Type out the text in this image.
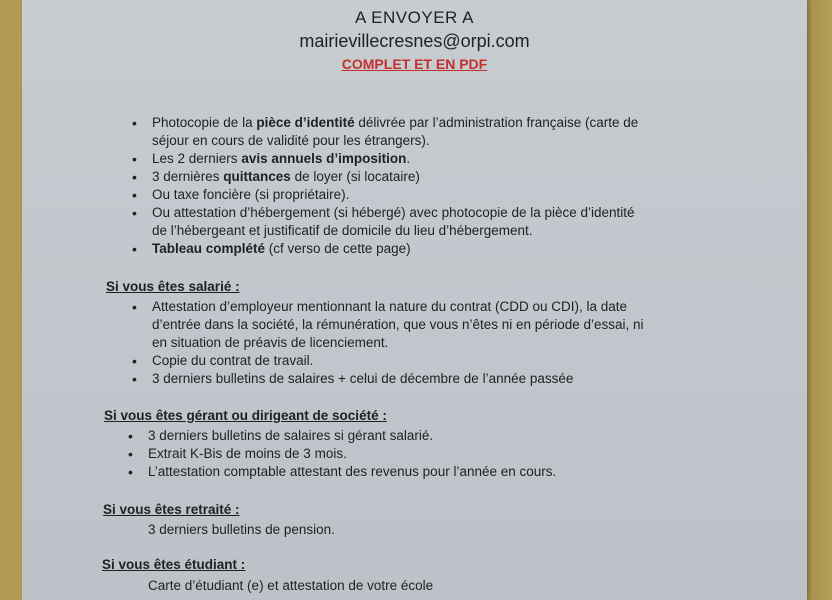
A ENVOYER A
mairievillecresnes@orpi.com
COMPLET ET EN PDF
• Photocopie de la pièce d’identité délivrée par l’administration française (carte de
séjour en cours de validité pour les étrangers).
• Les 2 derniers avis annuels d’imposition.
• 3 dernières quittances de loyer (si locataire)
• Ou taxe foncière (si propriétaire).
• Ou attestation d’hébergement (si hébergé) avec photocopie de la pièce d’identité
de l’hébergeant et justificatif de domicile du lieu d’hébergement.
• Tableau complété (cf verso de cette page)
Si vous êtes salarié :
• Attestation d’employeur mentionnant la nature du contrat (CDD ou CDI), la date
d’entrée dans la société, la rémunération, que vous n’êtes ni en période d’essai, ni
en situation de préavis de licenciement.
• Copie du contrat de travail.
• 3 derniers bulletins de salaires + celui de décembre de l’année passée
Si vous êtes gérant ou dirigeant de société :
• 3 derniers bulletins de salaires si gérant salarié.
• Extrait K-Bis de moins de 3 mois.
• L’attestation comptable attestant des revenus pour l’année en cours.
Si vous êtes retraité :
3 derniers bulletins de pension.
Si vous êtes étudiant :
Carte d’étudiant (e) et attestation de votre école
